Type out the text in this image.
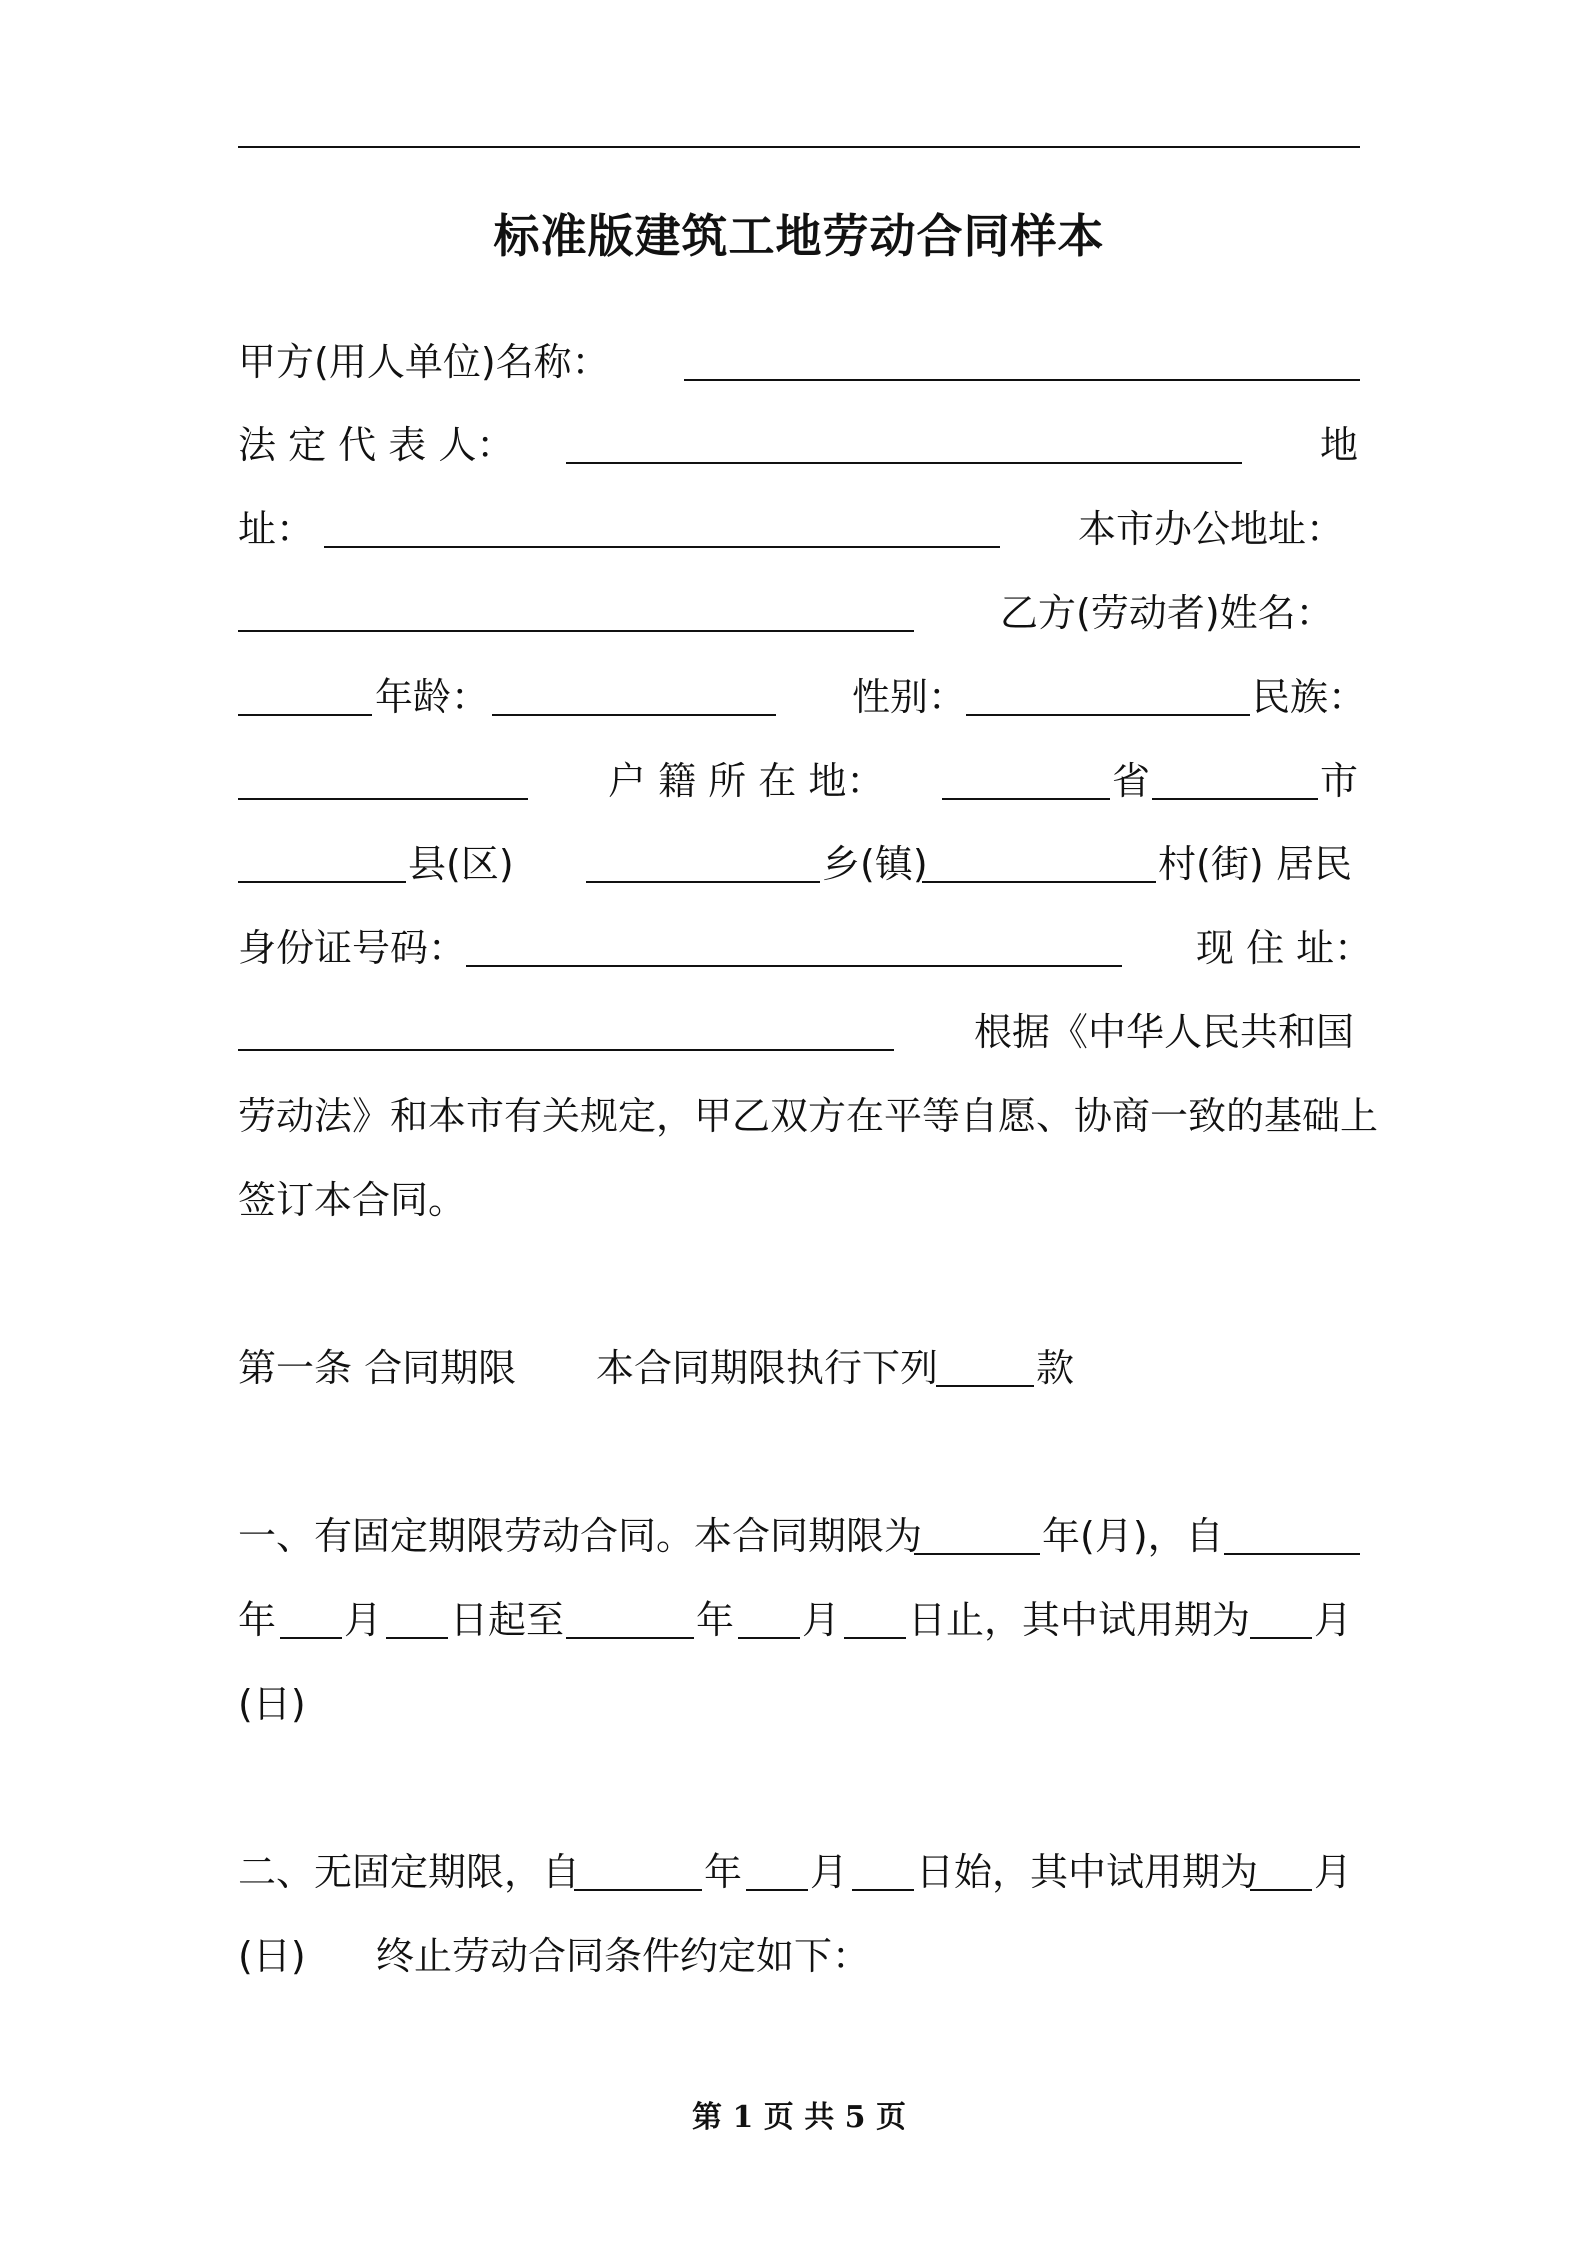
标准版建筑工地劳动合同样本
甲方(用人单位)名称：
法 定 代 表 人：	地
址：	本市办公地址：
乙方(劳动者)姓名：
年龄：	性别：	民族：
户 籍 所 在 地：	省	市
县(区)	乡(镇)	村(街) 居民
身份证号码：	现 住 址：
根据《中华人民共和国
劳动法》和本市有关规定，甲乙双方在平等自愿、协商一致的基础上
签订本合同。
第一条 合同期限 本合同期限执行下列	款
一、有固定期限劳动合同。本合同期限为	年(月)，自
年 月 日起至	年 月 日止，其中试用期为 月
(日)
二、无固定期限，自	年 月 日始，其中试用期为 月
(日) 终止劳动合同条件约定如下：
第 1 页 共 5 页
